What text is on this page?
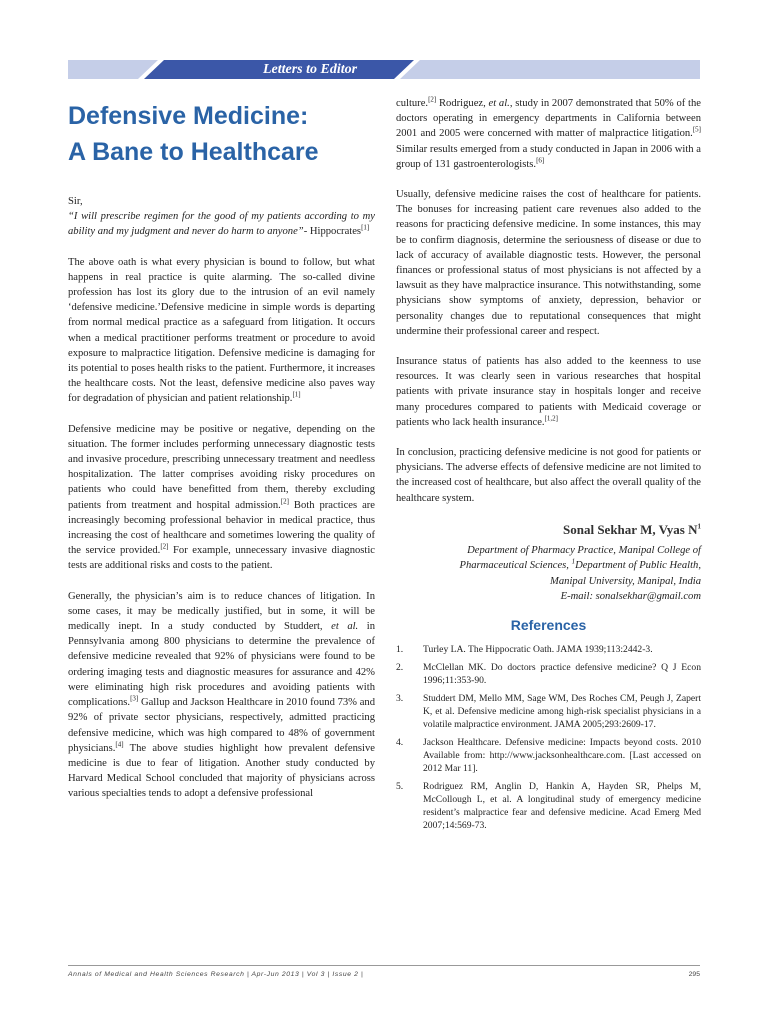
Letters to Editor
Defensive Medicine:
A Bane to Healthcare

Sir,

“I will prescribe regimen for the good of my patients according to my ability and my judgment and never do harm to anyone”- Hippocrates[1]

The above oath is what every physician is bound to follow, but what happens in real practice is quite alarming. The so-called divine profession has lost its glory due to the intrusion of an evil namely ‘defensive medicine.’Defensive medicine in simple words is departing from normal medical practice as a safeguard from litigation. It occurs when a medical practitioner performs treatment or procedure to avoid exposure to malpractice litigation. Defensive medicine is damaging for its potential to poses health risks to the patient. Furthermore, it increases the healthcare costs. Not the least, defensive medicine also paves way for degradation of physician and patient relationship.[1]

Defensive medicine may be positive or negative, depending on the situation. The former includes performing unnecessary diagnostic tests and invasive procedure, prescribing unnecessary treatment and needless hospitalization. The latter comprises avoiding risky procedures on patients who could have benefitted from them, thereby excluding patients from treatment and hospital admission.[2] Both practices are increasingly becoming professional behavior in medical practice, thus increasing the cost of healthcare and sometimes lowering the quality of the service provided.[2] For example, unnecessary invasive diagnostic tests are additional risks and costs to the patient.

Generally, the physician’s aim is to reduce chances of litigation. In some cases, it may be medically justified, but in some, it will be medically inept. In a study conducted by Studdert, et al. in Pennsylvania among 800 physicians to determine the prevalence of defensive medicine revealed that 92% of physicians were found to be ordering imaging tests and diagnostic measures for assurance and 42% were eliminating high risk procedures and avoiding patients with complications.[3] Gallup and Jackson Healthcare in 2010 found 73% and 92% of private sector physicians, respectively, admitted practicing defensive medicine, which was high compared to 48% of government physicians.[4] The above studies highlight how prevalent defensive medicine is due to fear of litigation. Another study conducted by Harvard Medical School concluded that majority of physicians across various specialties tends to adopt a defensive professional

culture.[2] Rodriguez, et al., study in 2007 demonstrated that 50% of the doctors operating in emergency departments in California between 2001 and 2005 were concerned with matter of malpractice litigation.[5] Similar results emerged from a study conducted in Japan in 2006 with a group of 131 gastroenterologists.[6]

Usually, defensive medicine raises the cost of healthcare for patients. The bonuses for increasing patient care revenues also added to the reasons for practicing defensive medicine. In some instances, this may be to confirm diagnosis, determine the seriousness of disease or due to lack of accuracy of available diagnostic tests. However, the personal finances or professional status of most physicians is not affected by a lawsuit as they have malpractice insurance. This notwithstanding, some physicians show symptoms of anxiety, depression, behavior or personality changes due to reputational consequences that might undermine their professional career and respect.

Insurance status of patients has also added to the keenness to use resources. It was clearly seen in various researches that hospital patients with private insurance stay in hospitals longer and receive many procedures compared to patients with Medicaid coverage or patients who lack health insurance.[1,2]

In conclusion, practicing defensive medicine is not good for patients or physicians. The adverse effects of defensive medicine are not limited to the increased cost of healthcare, but also affect the overall quality of the healthcare system.

Sonal Sekhar M, Vyas $N^1$
Department of Pharmacy Practice, Manipal College of
Pharmaceutical Sciences, $^1$Department of Public Health,
Manipal University, Manipal, India
E-mail: sonalsekhar@gmail.com
References
1. Turley LA. The Hippocratic Oath. JAMA 1939;113:2442-3.
2. McClellan MK. Do doctors practice defensive medicine? Q J Econ 1996;11:353-90.
3. Studdert DM, Mello MM, Sage WM, Des Roches CM, Peugh J, Zapert K, et al. Defensive medicine among high-risk specialist physicians in a volatile malpractice environment. JAMA 2005;293:2609-17.
4. Jackson Healthcare. Defensive medicine: Impacts beyond costs. 2010 Available from: http://www.jacksonhealthcare.com. [Last accessed on 2012 Mar 11].
5. Rodriguez RM, Anglin D, Hankin A, Hayden SR, Phelps M, McCollough L, et al. A longitudinal study of emergency medicine resident’s malpractice fear and defensive medicine. Acad Emerg Med 2007;14:569-73.
Annals of Medical and Health Sciences Research | Apr-Jun 2013 | Vol 3 | Issue 2 |	295
